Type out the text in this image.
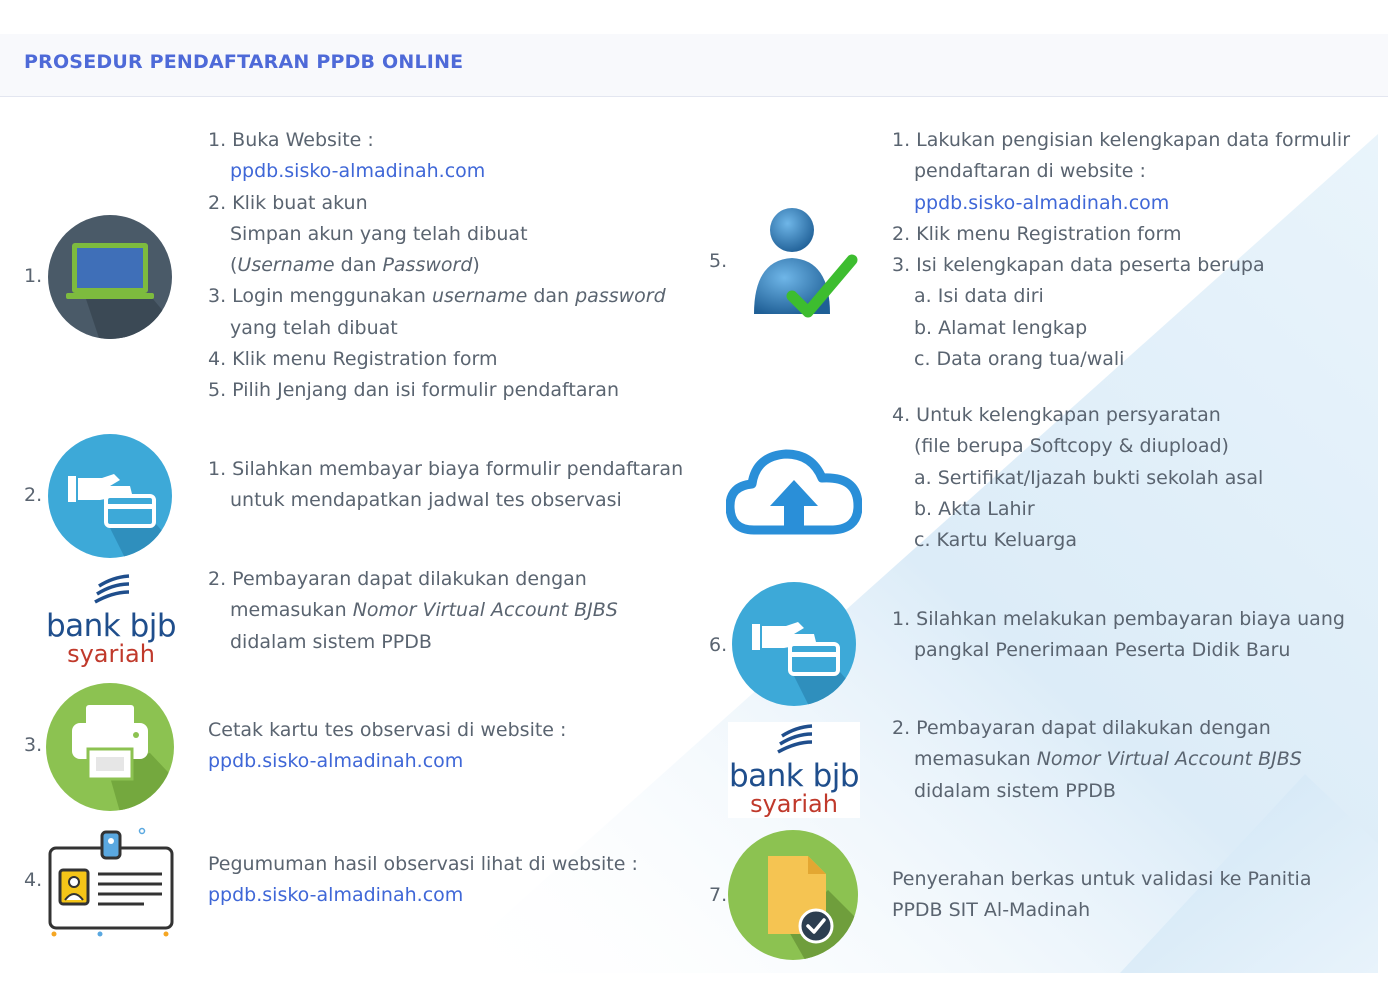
PROSEDUR PENDAFTARAN PPDB ONLINE
1.
1. Buka Website :
ppdb.sisko-almadinah.com
2. Klik buat akun
Simpan akun yang telah dibuat
(Username dan Password)
3. Login menggunakan username dan password
yang telah dibuat
4. Klik menu Registration form
5. Pilih Jenjang dan isi formulir pendaftaran
2.
1. Silahkan membayar biaya formulir pendaftaran
untuk mendapatkan jadwal tes observasi
bank bjb
syariah
2. Pembayaran dapat dilakukan dengan
memasukan Nomor Virtual Account BJBS
didalam sistem PPDB
3.
Cetak kartu tes observasi di website :
ppdb.sisko-almadinah.com
4.
Pegumuman hasil observasi lihat di website :
ppdb.sisko-almadinah.com
5.
1. Lakukan pengisian kelengkapan data formulir
pendaftaran di website :
ppdb.sisko-almadinah.com
2. Klik menu Registration form
3. Isi kelengkapan data peserta berupa
a. Isi data diri
b. Alamat lengkap
c. Data orang tua/wali
4. Untuk kelengkapan persyaratan
(file berupa Softcopy & diupload)
a. Sertifikat/Ijazah bukti sekolah asal
b. Akta Lahir
c. Kartu Keluarga
6.
1. Silahkan melakukan pembayaran biaya uang
pangkal Penerimaan Peserta Didik Baru
bank bjb
syariah
2. Pembayaran dapat dilakukan dengan
memasukan Nomor Virtual Account BJBS
didalam sistem PPDB
7.
Penyerahan berkas untuk validasi ke Panitia
PPDB SIT Al-Madinah
